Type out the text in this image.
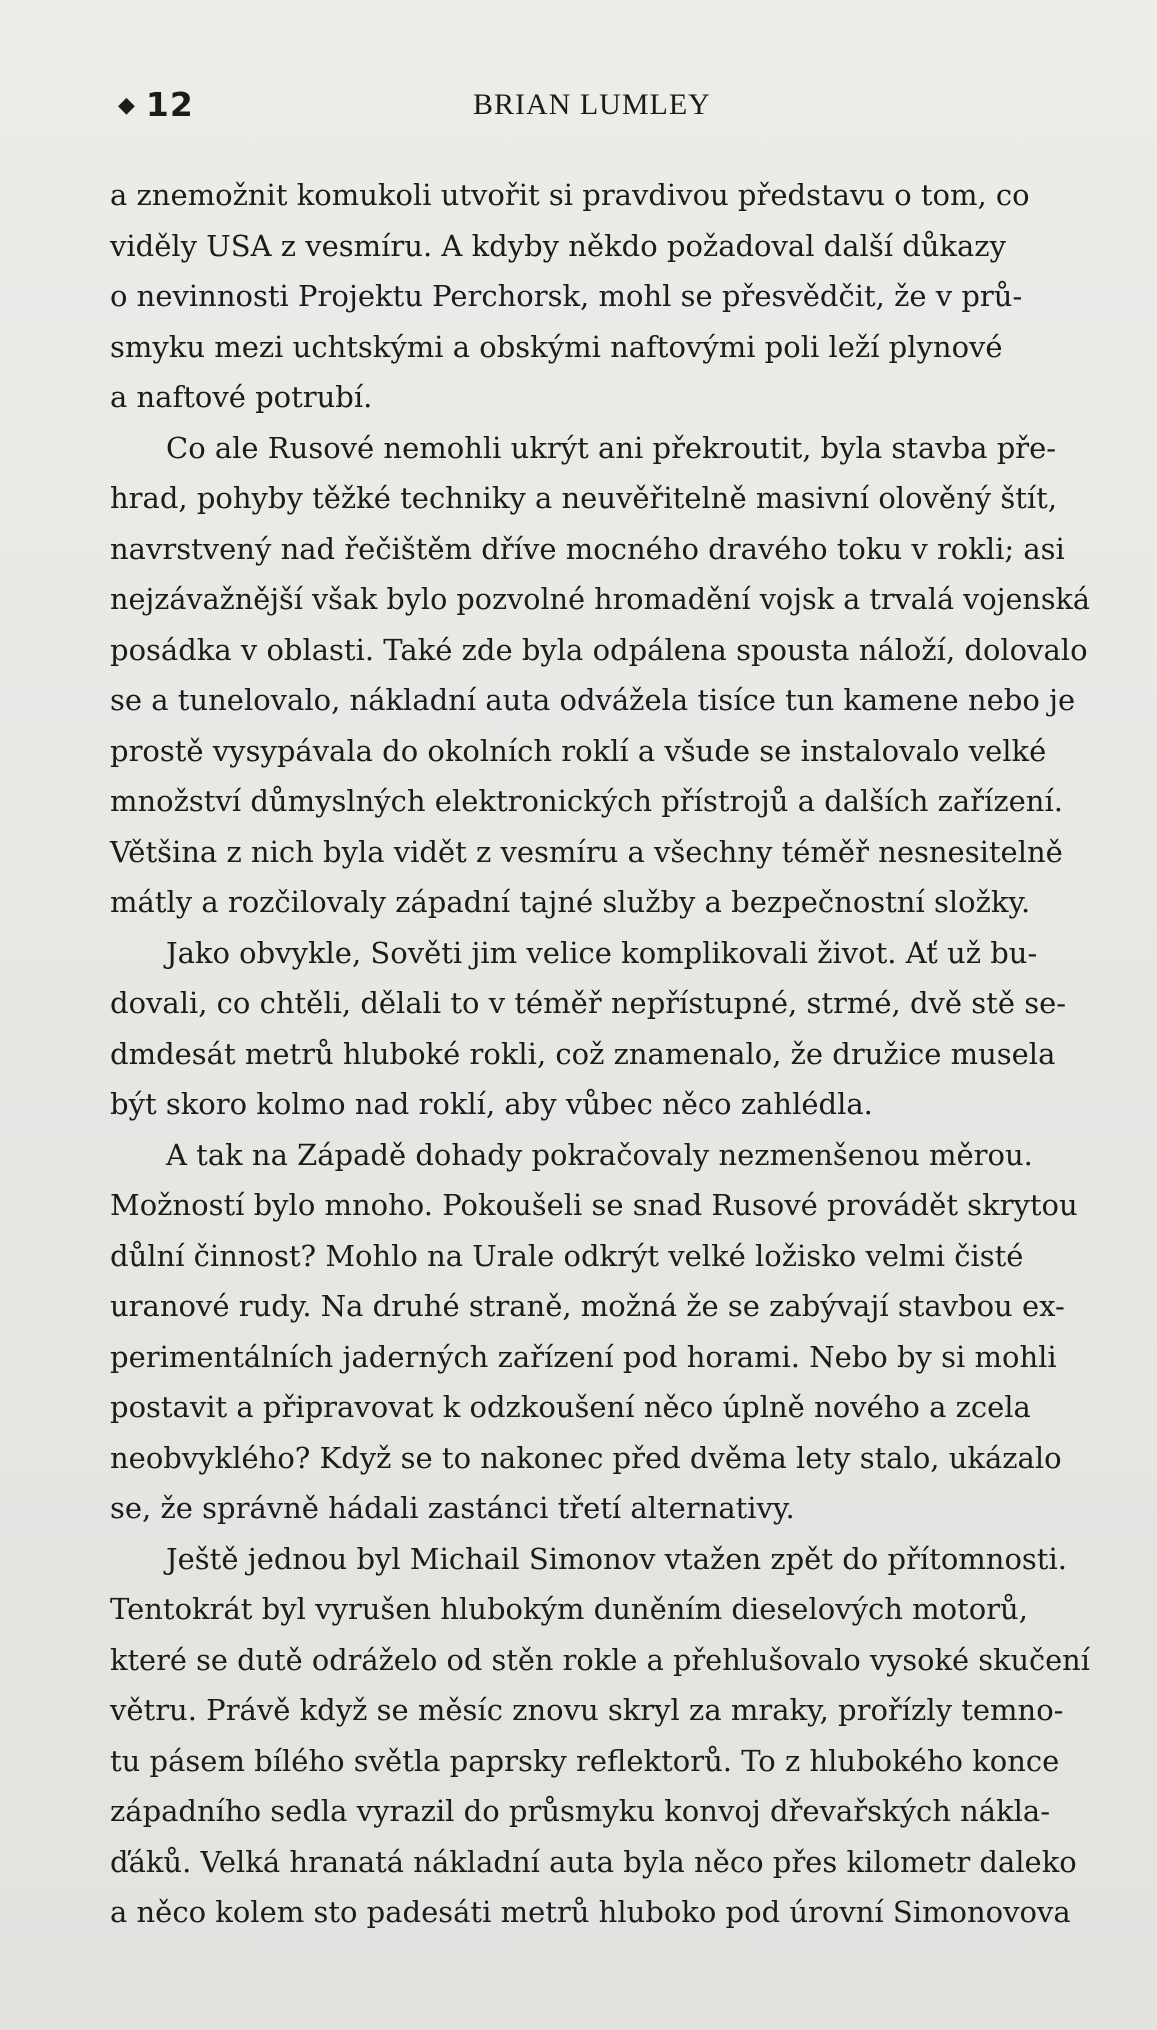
◆ 12	BRIAN LUMLEY
a znemožnit komukoli utvořit si pravdivou představu o tom, co
viděly USA z vesmíru. A kdyby někdo požadoval další důkazy
o nevinnosti Projektu Perchorsk, mohl se přesvědčit, že v prů-
smyku mezi uchtskými a obskými naftovými poli leží plynové
a naftové potrubí.
Co ale Rusové nemohli ukrýt ani překroutit, byla stavba pře-
hrad, pohyby těžké techniky a neuvěřitelně masivní olověný štít,
navrstvený nad řečištěm dříve mocného dravého toku v rokli; asi
nejzávažnější však bylo pozvolné hromadění vojsk a trvalá vojenská
posádka v oblasti. Také zde byla odpálena spousta náloží, dolovalo
se a tunelovalo, nákladní auta odvážela tisíce tun kamene nebo je
prostě vysypávala do okolních roklí a všude se instalovalo velké
množství důmyslných elektronických přístrojů a dalších zařízení.
Většina z nich byla vidět z vesmíru a všechny téměř nesnesitelně
mátly a rozčilovaly západní tajné služby a bezpečnostní složky.
Jako obvykle, Sověti jim velice komplikovali život. Ať už bu-
dovali, co chtěli, dělali to v téměř nepřístupné, strmé, dvě stě se-
dmdesát metrů hluboké rokli, což znamenalo, že družice musela
být skoro kolmo nad roklí, aby vůbec něco zahlédla.
A tak na Západě dohady pokračovaly nezmenšenou měrou.
Možností bylo mnoho. Pokoušeli se snad Rusové provádět skrytou
důlní činnost? Mohlo na Urale odkrýt velké ložisko velmi čisté
uranové rudy. Na druhé straně, možná že se zabývají stavbou ex-
perimentálních jaderných zařízení pod horami. Nebo by si mohli
postavit a připravovat k odzkoušení něco úplně nového a zcela
neobvyklého? Když se to nakonec před dvěma lety stalo, ukázalo
se, že správně hádali zastánci třetí alternativy.
Ještě jednou byl Michail Simonov vtažen zpět do přítomnosti.
Tentokrát byl vyrušen hlubokým duněním dieselových motorů,
které se dutě odráželo od stěn rokle a přehlušovalo vysoké skučení
větru. Právě když se měsíc znovu skryl za mraky, prořízly temno-
tu pásem bílého světla paprsky reflektorů. To z hlubokého konce
západního sedla vyrazil do průsmyku konvoj dřevařských nákla-
ďáků. Velká hranatá nákladní auta byla něco přes kilometr daleko
a něco kolem sto padesáti metrů hluboko pod úrovní Simonovova
